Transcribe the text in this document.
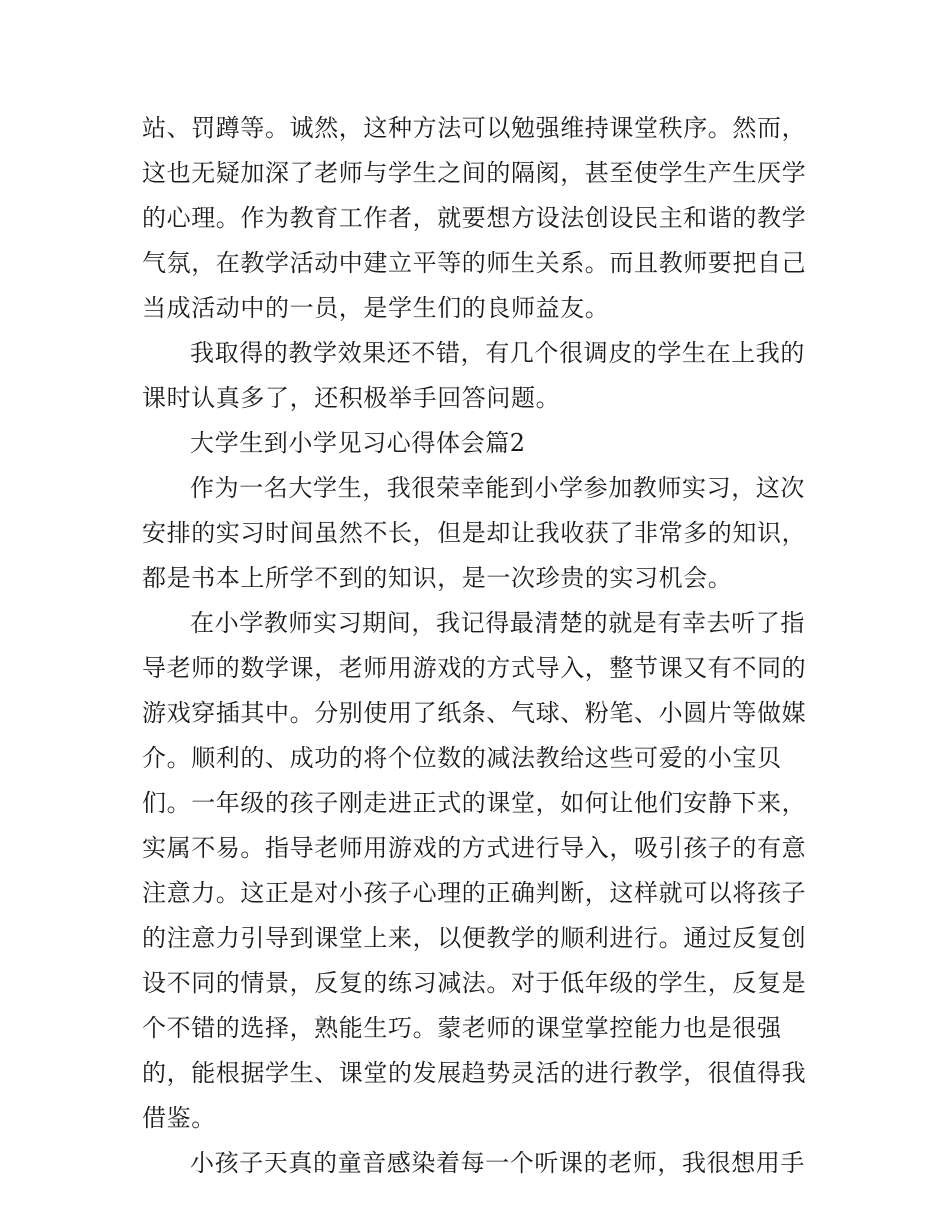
站、罚蹲等。诚然，这种方法可以勉强维持课堂秩序。然而，
这也无疑加深了老师与学生之间的隔阂，甚至使学生产生厌学
的心理。作为教育工作者，就要想方设法创设民主和谐的教学
气氛，在教学活动中建立平等的师生关系。而且教师要把自己
当成活动中的一员，是学生们的良师益友。

我取得的教学效果还不错，有几个很调皮的学生在上我的
课时认真多了，还积极举手回答问题。

大学生到小学见习心得体会篇2

作为一名大学生，我很荣幸能到小学参加教师实习，这次
安排的实习时间虽然不长，但是却让我收获了非常多的知识，
都是书本上所学不到的知识，是一次珍贵的实习机会。

在小学教师实习期间，我记得最清楚的就是有幸去听了指
导老师的数学课，老师用游戏的方式导入，整节课又有不同的
游戏穿插其中。分别使用了纸条、气球、粉笔、小圆片等做媒
介。顺利的、成功的将个位数的减法教给这些可爱的小宝贝
们。一年级的孩子刚走进正式的课堂，如何让他们安静下来，
实属不易。指导老师用游戏的方式进行导入，吸引孩子的有意
注意力。这正是对小孩子心理的正确判断，这样就可以将孩子
的注意力引导到课堂上来，以便教学的顺利进行。通过反复创
设不同的情景，反复的练习减法。对于低年级的学生，反复是
个不错的选择，熟能生巧。蒙老师的课堂掌控能力也是很强
的，能根据学生、课堂的发展趋势灵活的进行教学，很值得我
借鉴。

小孩子天真的童音感染着每一个听课的老师，我很想用手
